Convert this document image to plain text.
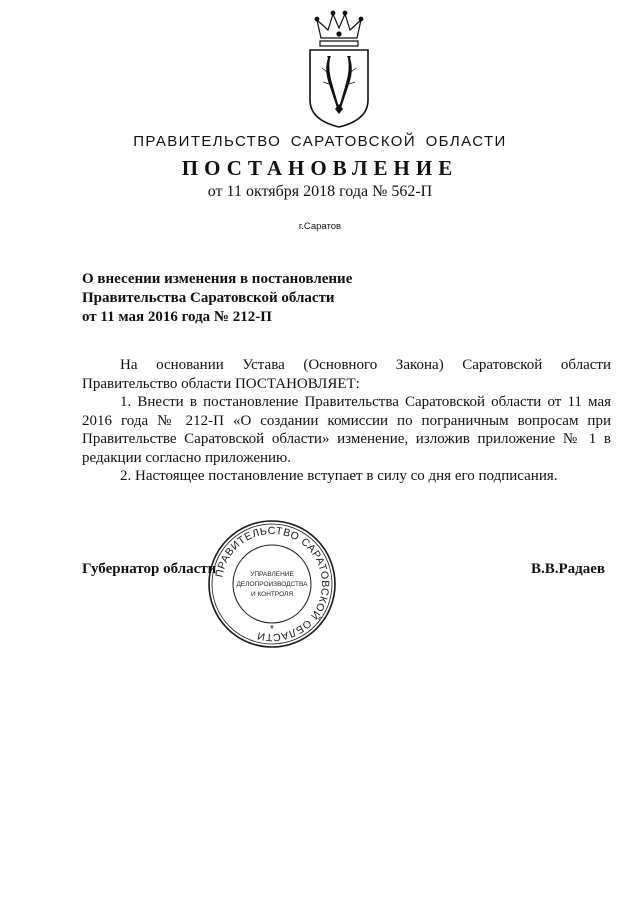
ПРАВИТЕЛЬСТВО САРАТОВСКОЙ ОБЛАСТИ
ПОСТАНОВЛЕНИЕ
от 11 октября 2018 года № 562-П
г.Саратов
О внесении изменения в постановление
Правительства Саратовской области
от 11 мая 2016 года № 212-П

На основании Устава (Основного Закона) Саратовской области Правительство области ПОСТАНОВЛЯЕТ:

1. Внести в постановление Правительства Саратовской области от 11 мая 2016 года № 212-П «О создании комиссии по пограничным вопросам при Правительстве Саратовской области» изменение, изложив приложение № 1 в редакции согласно приложению.

2. Настоящее постановление вступает в силу со дня его подписания.

Губернатор области	В.В.Радаев
ПРАВИТЕЛЬСТВО САРАТОВСКОЙ ОБЛАСТИ *
УПРАВЛЕНИЕ
ДЕЛОПРОИЗВОДСТВА
И КОНТРОЛЯ
